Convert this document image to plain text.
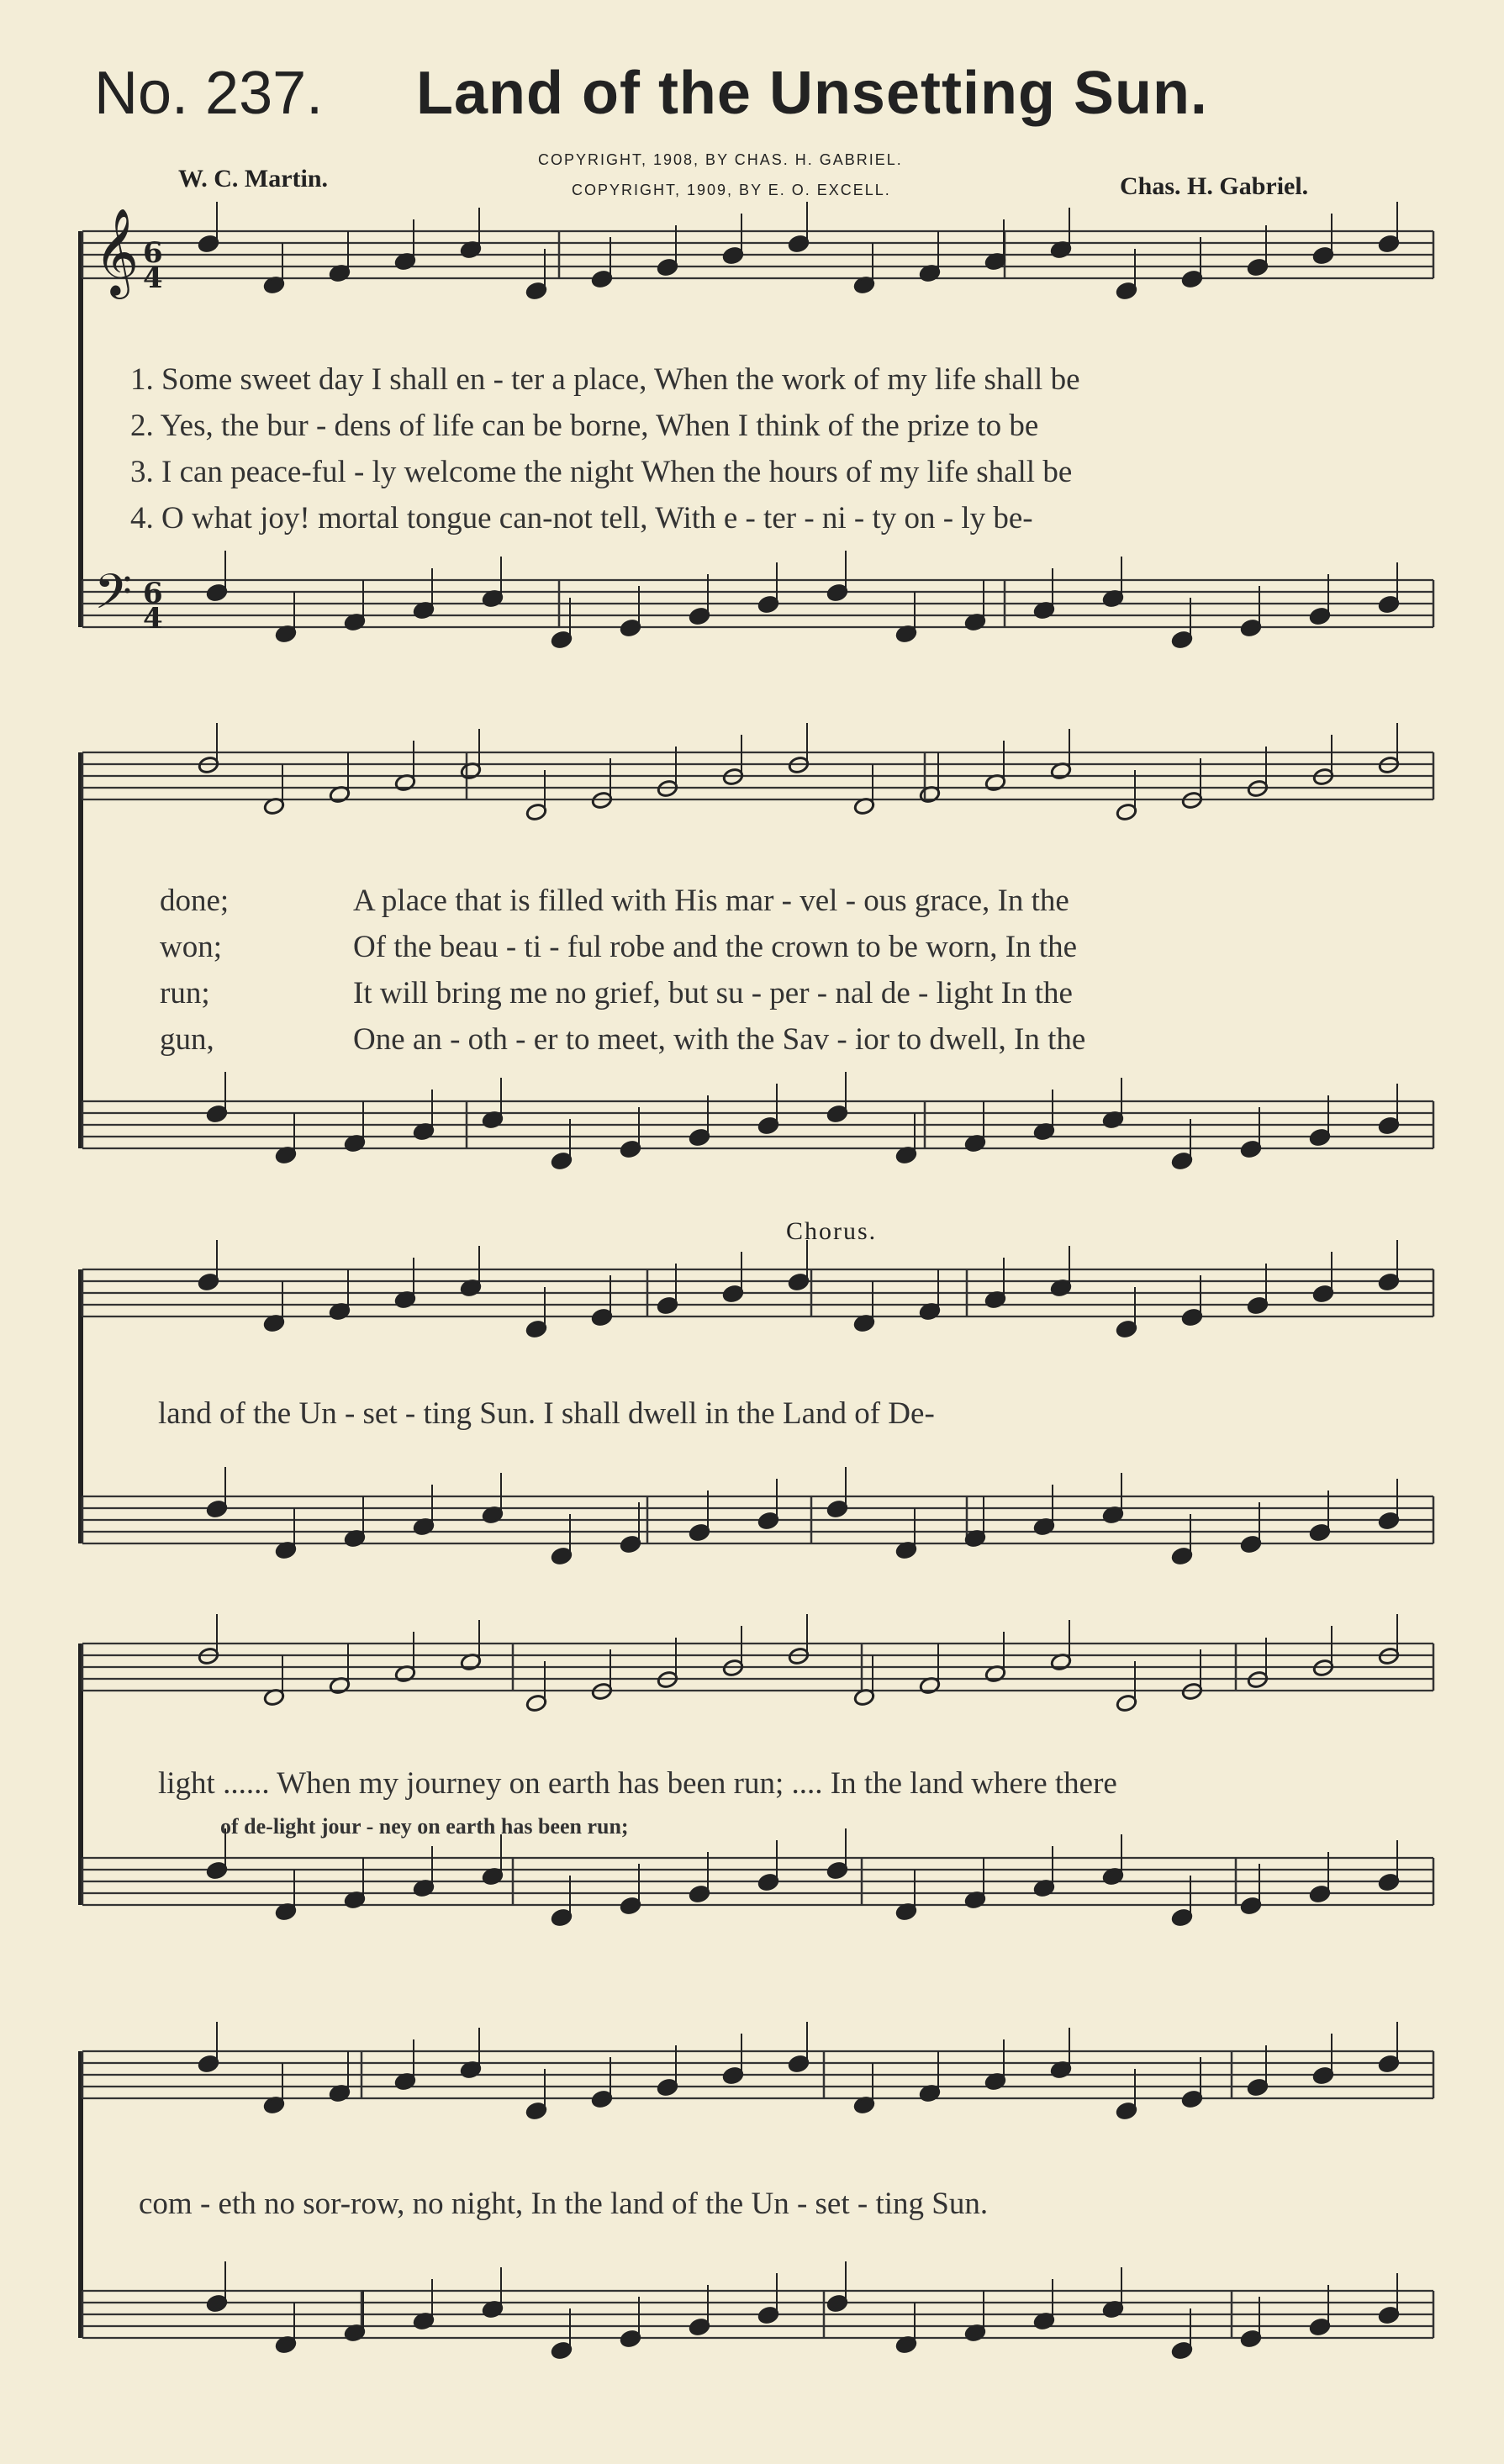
No. 237. Land of the Unsetting Sun.
W. C. Martin.
COPYRIGHT, 1908, BY CHAS. H. GABRIEL.
COPYRIGHT, 1909, BY E. O. EXCELL.	Chas. H. Gabriel.
𝄞
𝄢
6
4
6
4
1. Some sweet day I shall en - ter a place, When the work of my life shall be
2. Yes, the bur - dens of life can be borne, When I think of the prize to be
3. I can peace-ful - ly welcome the night When the hours of my life shall be
4. O what joy! mortal tongue can-not tell, With e - ter - ni - ty on - ly be-
done;	A place that is filled with His mar - vel - ous grace, In the
won;	Of the beau - ti - ful robe and the crown to be worn, In the
run;	It will bring me no grief, but su - per - nal de - light In the
gun,	One an - oth - er to meet, with the Sav - ior to dwell, In the
Chorus.
land of the Un - set - ting Sun. I shall dwell in the Land of De-
light ...... When my journey on earth has been run; .... In the land where there
of de-light jour - ney on earth has been run;
com - eth no sor-row, no night, In the land of the Un - set - ting Sun.
